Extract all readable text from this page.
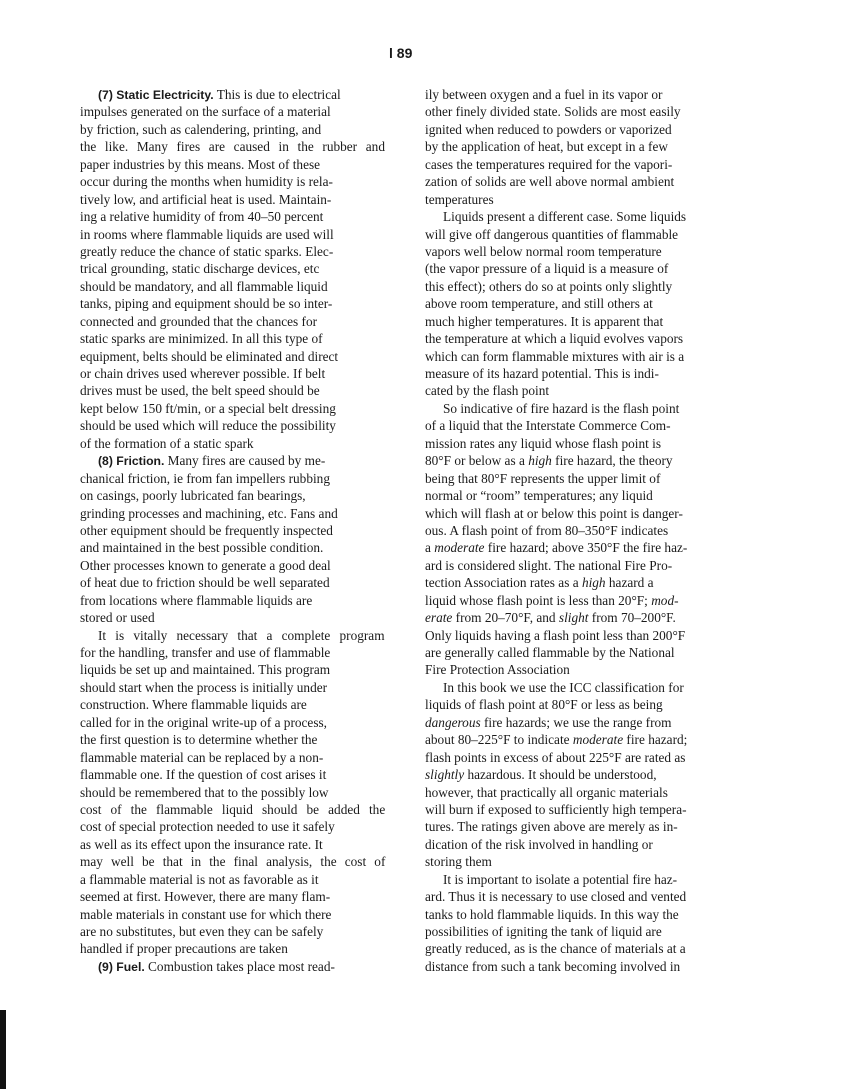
l 89
(7) Static Electricity. This is due to electrical
impulses generated on the surface of a material
by friction, such as calendering, printing, and
the like. Many fires are caused in the rubber and
paper industries by this means. Most of these
occur during the months when humidity is rela-
tively low, and artificial heat is used. Maintain-
ing a relative humidity of from 40–50 percent
in rooms where flammable liquids are used will
greatly reduce the chance of static sparks. Elec-
trical grounding, static discharge devices, etc
should be mandatory, and all flammable liquid
tanks, piping and equipment should be so inter-
connected and grounded that the chances for
static sparks are minimized. In all this type of
equipment, belts should be eliminated and direct
or chain drives used wherever possible. If belt
drives must be used, the belt speed should be
kept below 150 ft/min, or a special belt dressing
should be used which will reduce the possibility
of the formation of a static spark
(8) Friction. Many fires are caused by me-
chanical friction, ie from fan impellers rubbing
on casings, poorly lubricated fan bearings,
grinding processes and machining, etc. Fans and
other equipment should be frequently inspected
and maintained in the best possible condition.
Other processes known to generate a good deal
of heat due to friction should be well separated
from locations where flammable liquids are
stored or used
It is vitally necessary that a complete program
for the handling, transfer and use of flammable
liquids be set up and maintained. This program
should start when the process is initially under
construction. Where flammable liquids are
called for in the original write-up of a process,
the first question is to determine whether the
flammable material can be replaced by a non-
flammable one. If the question of cost arises it
should be remembered that to the possibly low
cost of the flammable liquid should be added the
cost of special protection needed to use it safely
as well as its effect upon the insurance rate. It
may well be that in the final analysis, the cost of
a flammable material is not as favorable as it
seemed at first. However, there are many flam-
mable materials in constant use for which there
are no substitutes, but even they can be safely
handled if proper precautions are taken
(9) Fuel. Combustion takes place most read-
ily between oxygen and a fuel in its vapor or
other finely divided state. Solids are most easily
ignited when reduced to powders or vaporized
by the application of heat, but except in a few
cases the temperatures required for the vapori-
zation of solids are well above normal ambient
temperatures
Liquids present a different case. Some liquids
will give off dangerous quantities of flammable
vapors well below normal room temperature
(the vapor pressure of a liquid is a measure of
this effect); others do so at points only slightly
above room temperature, and still others at
much higher temperatures. It is apparent that
the temperature at which a liquid evolves vapors
which can form flammable mixtures with air is a
measure of its hazard potential. This is indi-
cated by the flash point
So indicative of fire hazard is the flash point
of a liquid that the Interstate Commerce Com-
mission rates any liquid whose flash point is
80°F or below as a high fire hazard, the theory
being that 80°F represents the upper limit of
normal or “room” temperatures; any liquid
which will flash at or below this point is danger-
ous. A flash point of from 80–350°F indicates
a moderate fire hazard; above 350°F the fire haz-
ard is considered slight. The national Fire Pro-
tection Association rates as a high hazard a
liquid whose flash point is less than 20°F; mod-
erate from 20–70°F, and slight from 70–200°F.
Only liquids having a flash point less than 200°F
are generally called flammable by the National
Fire Protection Association
In this book we use the ICC classification for
liquids of flash point at 80°F or less as being
dangerous fire hazards; we use the range from
about 80–225°F to indicate moderate fire hazard;
flash points in excess of about 225°F are rated as
slightly hazardous. It should be understood,
however, that practically all organic materials
will burn if exposed to sufficiently high tempera-
tures. The ratings given above are merely as in-
dication of the risk involved in handling or
storing them
It is important to isolate a potential fire haz-
ard. Thus it is necessary to use closed and vented
tanks to hold flammable liquids. In this way the
possibilities of igniting the tank of liquid are
greatly reduced, as is the chance of materials at a
distance from such a tank becoming involved in
